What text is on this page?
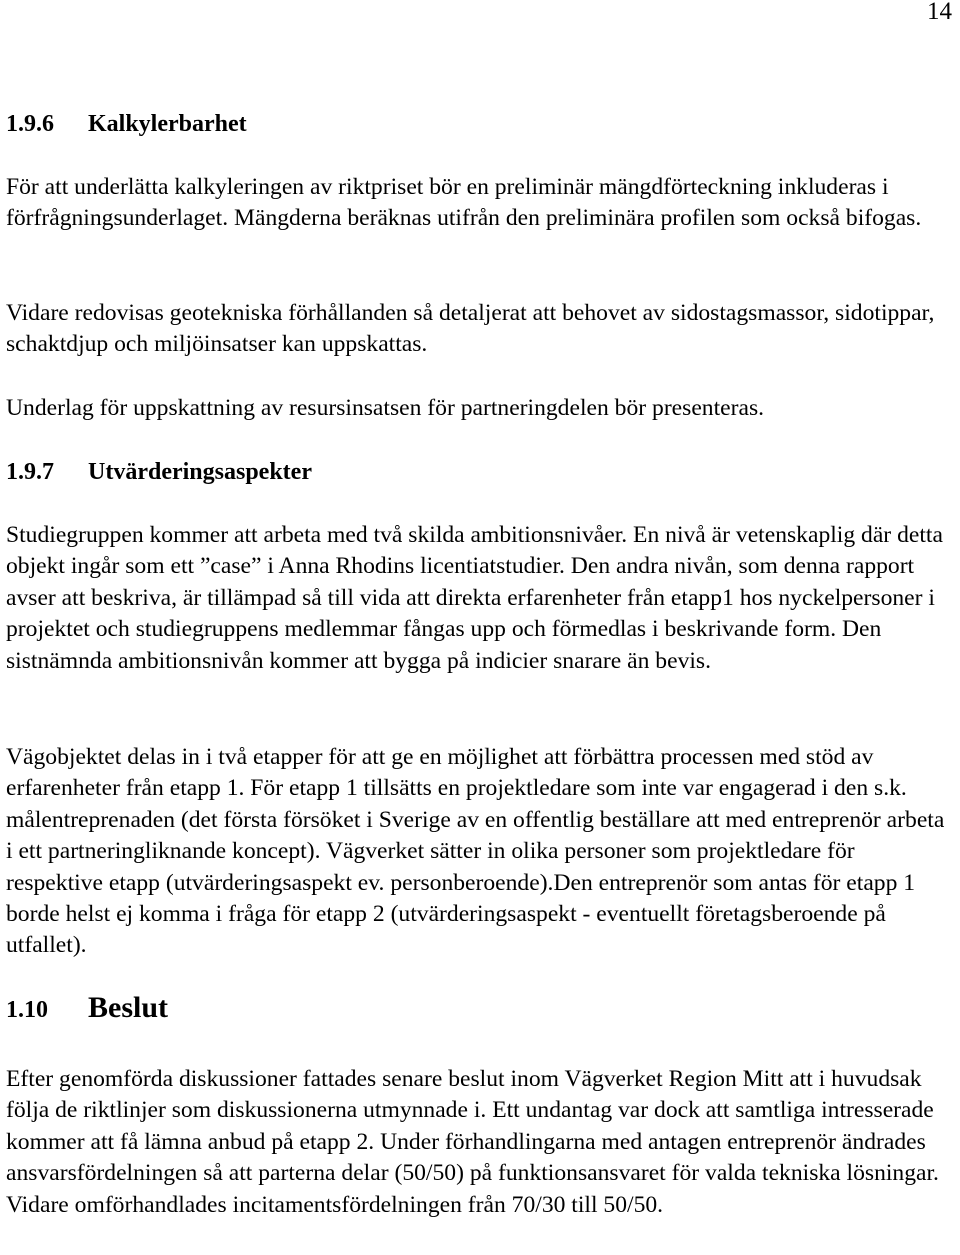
14
1.9.6 Kalkylerbarhet

För att underlätta kalkyleringen av riktpriset bör en preliminär mängdförteckning inkluderas i förfrågningsunderlaget. Mängderna beräknas utifrån den preliminära profilen som också bifogas.

Vidare redovisas geotekniska förhållanden så detaljerat att behovet av sidostagsmassor, sidotippar, schaktdjup och miljöinsatser kan uppskattas.

Underlag för uppskattning av resursinsatsen för partneringdelen bör presenteras.

1.9.7 Utvärderingsaspekter

Studiegruppen kommer att arbeta med två skilda ambitionsnivåer. En nivå är vetenskaplig där detta objekt ingår som ett ”case” i Anna Rhodins licentiatstudier. Den andra nivån, som denna rapport avser att beskriva, är tillämpad så till vida att direkta erfarenheter från etapp1 hos nyckelpersoner i projektet och studiegruppens medlemmar fångas upp och förmedlas i beskrivande form. Den sistnämnda ambitionsnivån kommer att bygga på indicier snarare än bevis.

Vägobjektet delas in i två etapper för att ge en möjlighet att förbättra processen med stöd av erfarenheter från etapp 1. För etapp 1 tillsätts en projektledare som inte var engagerad i den s.k. målentreprenaden (det första försöket i Sverige av en offentlig beställare att med entreprenör arbeta i ett partneringliknande koncept). Vägverket sätter in olika personer som projektledare för respektive etapp (utvärderingsaspekt ev. personberoende).Den entreprenör som antas för etapp 1 borde helst ej komma i fråga för etapp 2 (utvärderingsaspekt - eventuellt företagsberoende på utfallet).

1.10 Beslut

Efter genomförda diskussioner fattades senare beslut inom Vägverket Region Mitt att i huvudsak följa de riktlinjer som diskussionerna utmynnade i. Ett undantag var dock att samtliga intresserade kommer att få lämna anbud på etapp 2. Under förhandlingarna med antagen entreprenör ändrades ansvarsfördelningen så att parterna delar (50/50) på funktionsansvaret för valda tekniska lösningar. Vidare omförhandlades incitamentsfördelningen från 70/30 till 50/50.
